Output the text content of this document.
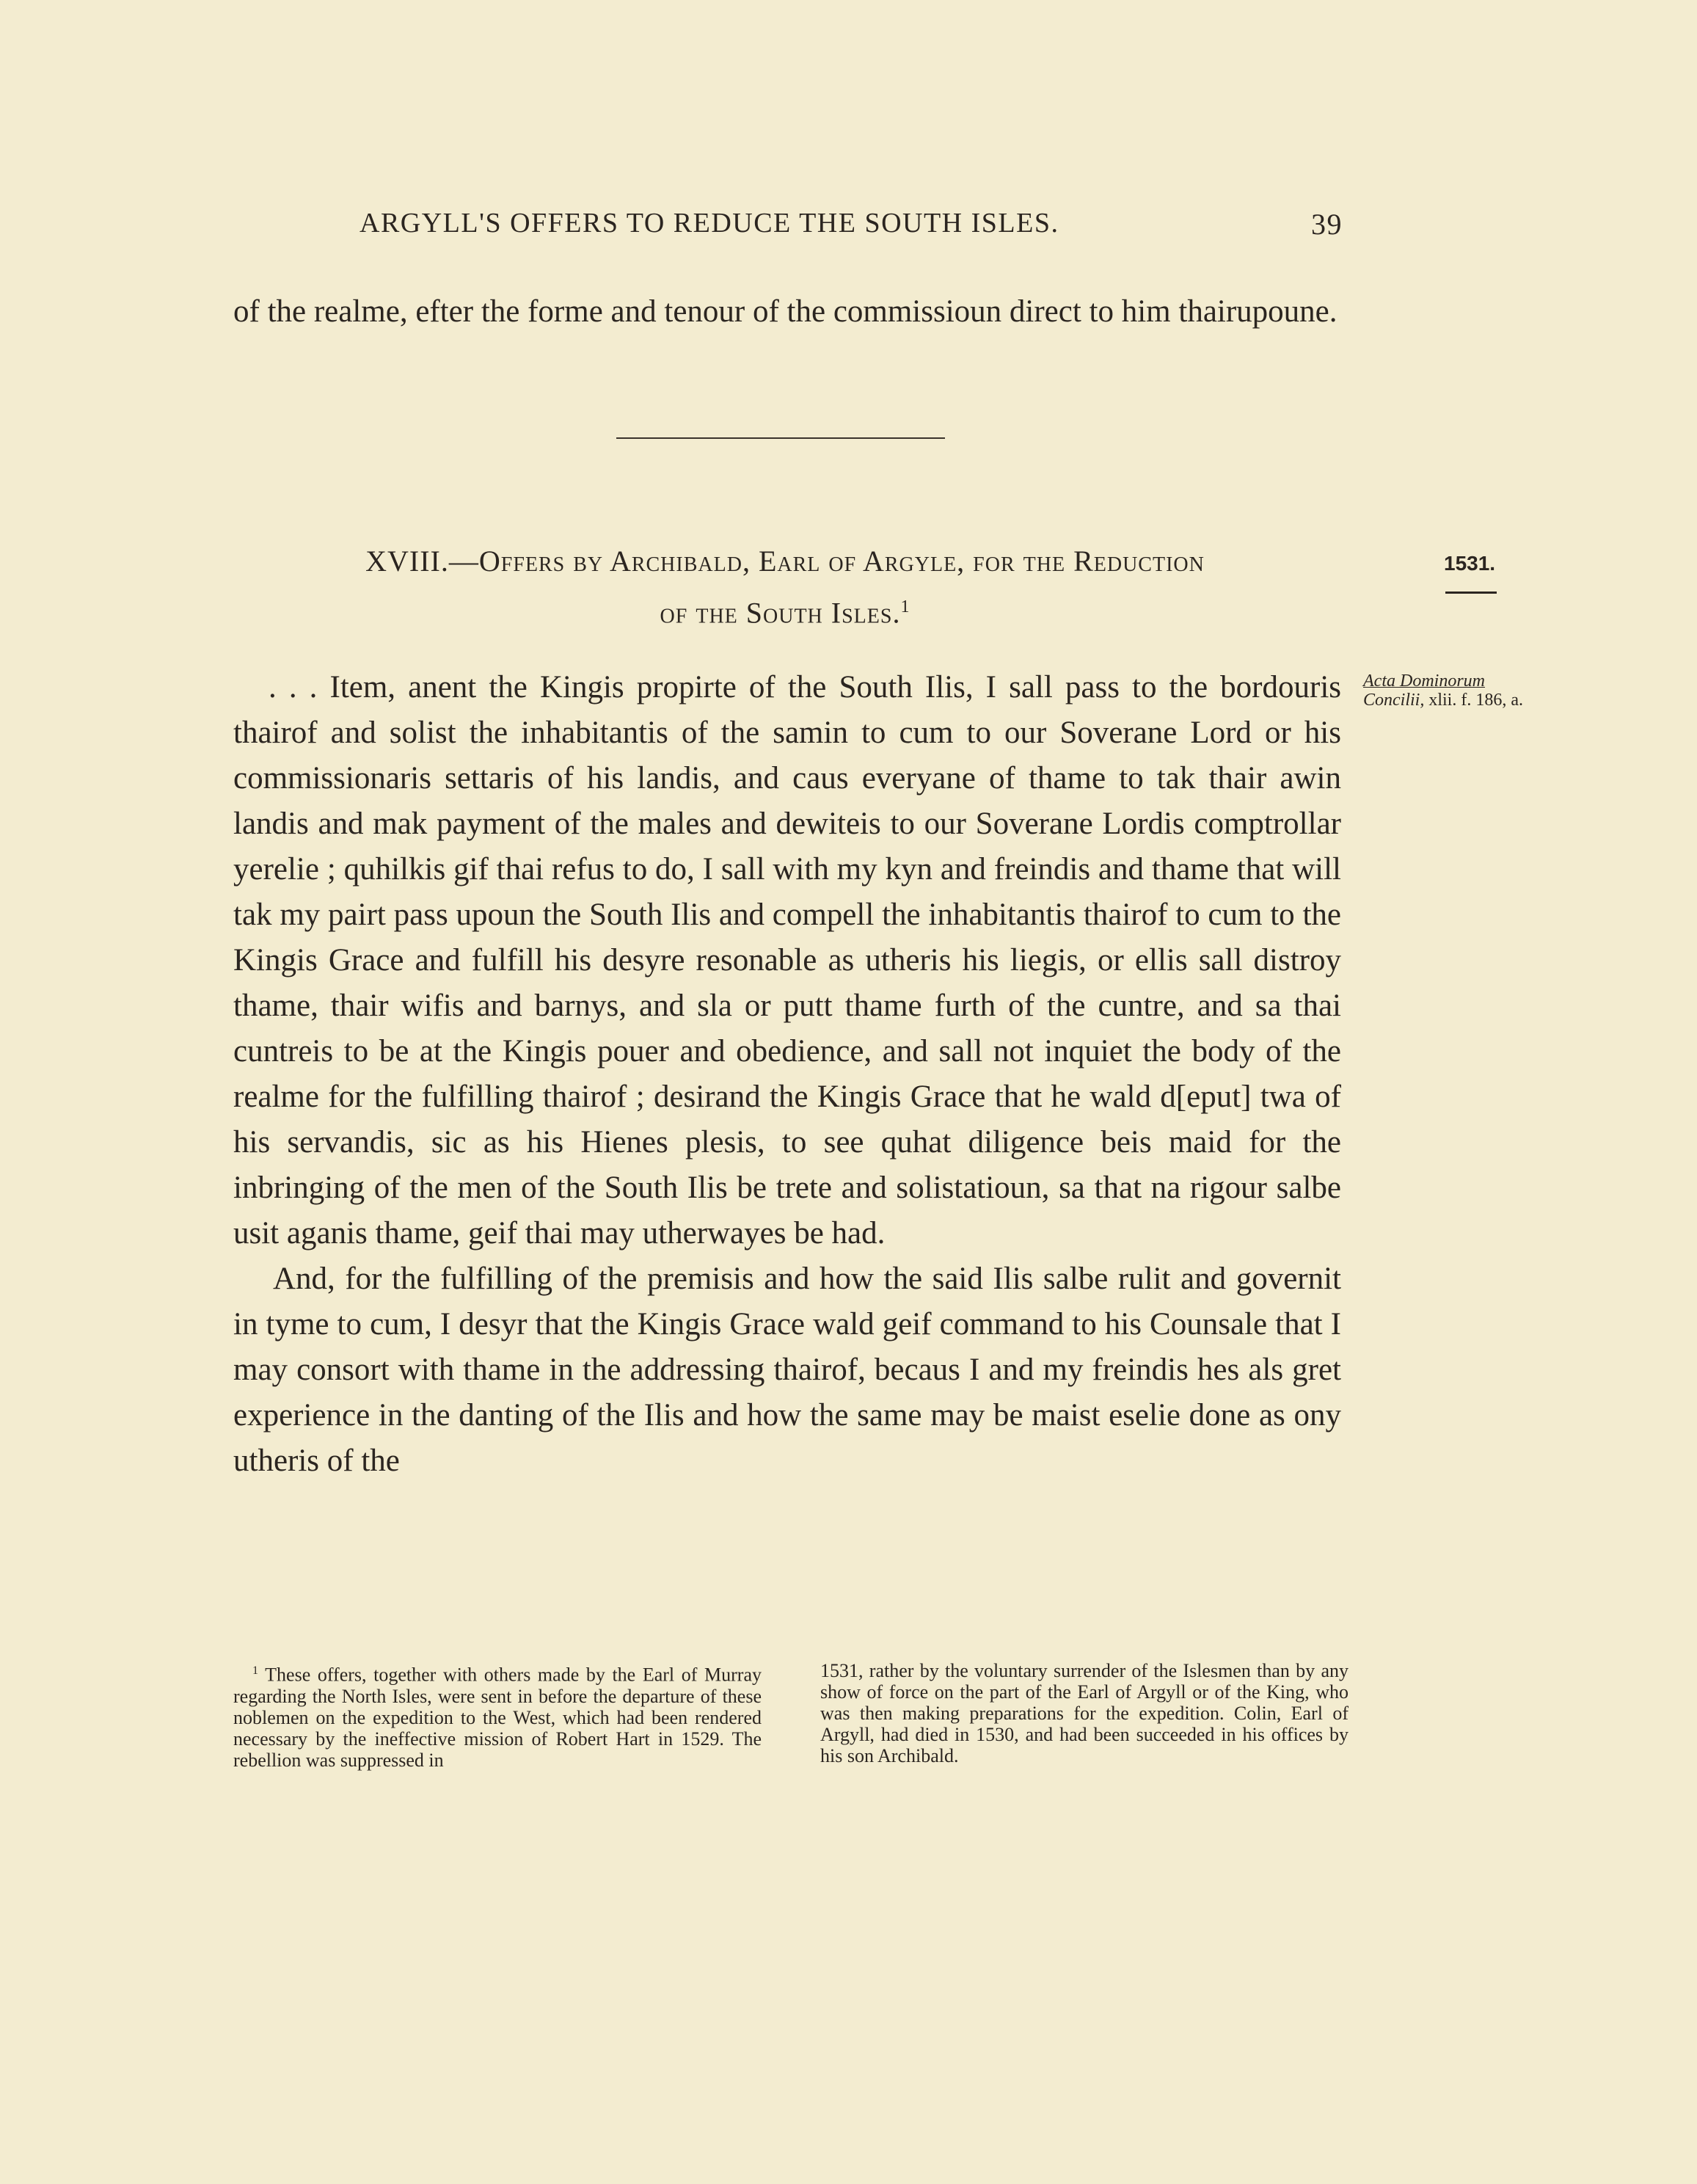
ARGYLL'S OFFERS TO REDUCE THE SOUTH ISLES.	39
of the realme, efter the forme and tenour of the commissioun direct to him thairupoune.
XVIII.—Offers by Archibald, Earl of Argyle, for the Reduction
of the South Isles.$^1$
1531.
Acta Dominorum
Concilii, xlii. f. 186, a.

. . . Item, anent the Kingis propirte of the South Ilis, I sall pass to the bordouris thairof and solist the inhabitantis of the samin to cum to our Soverane Lord or his commissionaris settaris of his landis, and caus everyane of thame to tak thair awin landis and mak payment of the males and dewiteis to our Soverane Lordis comptrollar yerelie ; quhilkis gif thai refus to do, I sall with my kyn and freindis and thame that will tak my pairt pass upoun the South Ilis and compell the inhabitantis thairof to cum to the Kingis Grace and fulfill his desyre resonable as utheris his liegis, or ellis sall distroy thame, thair wifis and barnys, and sla or putt thame furth of the cuntre, and sa thai cuntreis to be at the Kingis pouer and obedience, and sall not inquiet the body of the realme for the fulfilling thairof ; desirand the Kingis Grace that he wald d[eput] twa of his servandis, sic as his Hienes plesis, to see quhat diligence beis maid for the inbringing of the men of the South Ilis be trete and solistatioun, sa that na rigour salbe usit aganis thame, geif thai may utherwayes be had.

And, for the fulfilling of the premisis and how the said Ilis salbe rulit and governit in tyme to cum, I desyr that the Kingis Grace wald geif command to his Counsale that I may consort with thame in the addressing thairof, becaus I and my freindis hes als gret experience in the danting of the Ilis and how the same may be maist eselie done as ony utheris of the

$^1$ These offers, together with others made by the Earl of Murray regarding the North Isles, were sent in before the departure of these noblemen on the expedition to the West, which had been rendered necessary by the ineffective mission of Robert Hart in 1529. The rebellion was suppressed in
1531, rather by the voluntary surrender of the Islesmen than by any show of force on the part of the Earl of Argyll or of the King, who was then making preparations for the expedition. Colin, Earl of Argyll, had died in 1530, and had been succeeded in his offices by his son Archibald.
